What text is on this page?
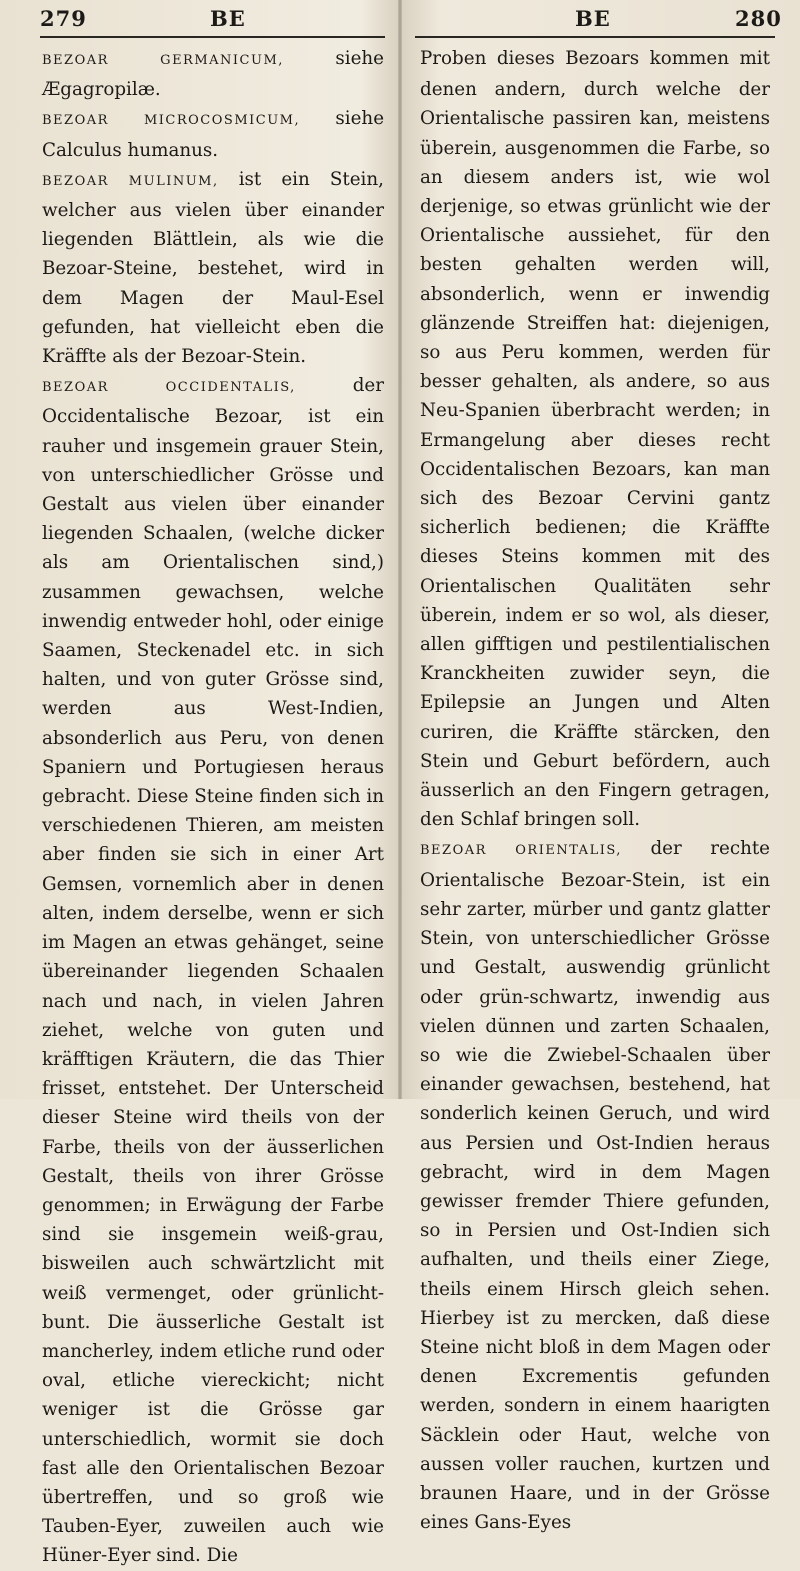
279	BE	BE	280

BEZOAR GERMANICUM,	siehe Ægagropilæ.

BEZOAR MICROCOSMICUM, siehe Calculus humanus.

BEZOAR MULINUM, ist ein Stein, welcher aus vielen über einander liegenden Blättlein, als wie die Bezoar-Steine, bestehet, wird in dem Magen der Maul-Esel gefunden, hat vielleicht eben die Kräffte als der Bezoar-Stein.

BEZOAR OCCIDENTALIS,	der Occidentalische Bezoar, ist ein rauher und insgemein grauer Stein, von unterschiedlicher Grösse und Gestalt aus vielen über einander liegenden Schaalen, (welche dicker als am Orientalischen sind,) zusammen gewachsen, welche inwendig entweder hohl, oder einige Saamen, Steckenadel etc. in sich halten, und von guter Grösse sind, werden aus West-Indien, absonderlich aus Peru, von denen Spaniern und Portugiesen heraus gebracht. Diese Steine finden sich in verschiedenen Thieren, am meisten aber finden sie sich in einer Art Gemsen, vornemlich aber in denen alten, indem derselbe, wenn er sich im Magen an etwas gehänget, seine übereinander liegenden Schaalen nach und nach, in vielen Jahren ziehet, welche von guten und kräfftigen Kräutern, die das Thier frisset, entstehet. Der Unterscheid dieser Steine wird theils von der Farbe, theils von der äusserlichen Gestalt, theils von ihrer Grösse genommen; in Erwägung der Farbe sind sie insgemein weiß-grau, bisweilen auch schwärtzlicht mit weiß vermenget, oder grünlicht-bunt. Die äusserliche Gestalt ist mancherley, indem etliche rund oder oval, etliche viereckicht; nicht weniger ist die Grösse gar unterschiedlich, wormit sie doch fast alle den Orientalischen Bezoar übertreffen, und so groß wie Tauben-Eyer, zuweilen auch wie Hüner-Eyer sind. Die

Proben dieses Bezoars kommen mit denen andern, durch welche der Orientalische passiren kan, meistens überein, ausgenommen die Farbe, so an diesem anders ist, wie wol derjenige, so etwas grünlicht wie der Orientalische aussiehet, für den besten gehalten werden will, absonderlich, wenn er inwendig glänzende Streiffen hat: diejenigen, so aus Peru kommen, werden für besser gehalten, als andere, so aus Neu-Spanien überbracht werden; in Ermangelung aber dieses recht Occidentalischen Bezoars, kan man sich des Bezoar Cervini gantz sicherlich bedienen; die Kräffte dieses Steins kommen mit des Orientalischen Qualitäten sehr überein, indem er so wol, als dieser, allen gifftigen und pestilentialischen Kranckheiten zuwider seyn, die Epilepsie an Jungen und Alten curiren, die Kräffte stärcken, den Stein und Geburt befördern, auch äusserlich an den Fingern getragen, den Schlaf bringen soll.

BEZOAR ORIENTALIS, der rechte Orientalische Bezoar-Stein, ist ein sehr zarter, mürber und gantz glatter Stein, von unterschiedlicher Grösse und Gestalt, auswendig grünlicht oder grün-schwartz, inwendig aus vielen dünnen und zarten Schaalen, so wie die Zwiebel-Schaalen über einander gewachsen, bestehend, hat sonderlich keinen Geruch, und wird aus Persien und Ost-Indien heraus gebracht, wird in dem Magen gewisser fremder Thiere gefunden, so in Persien und Ost-Indien sich aufhalten, und theils einer Ziege, theils einem Hirsch gleich sehen. Hierbey ist zu mercken, daß diese Steine nicht bloß in dem Magen oder denen Excrementis gefunden werden, sondern in einem haarigten Säcklein oder Haut, welche von aussen voller rauchen, kurtzen und braunen Haare, und in der Grösse eines Gans-Eyes
